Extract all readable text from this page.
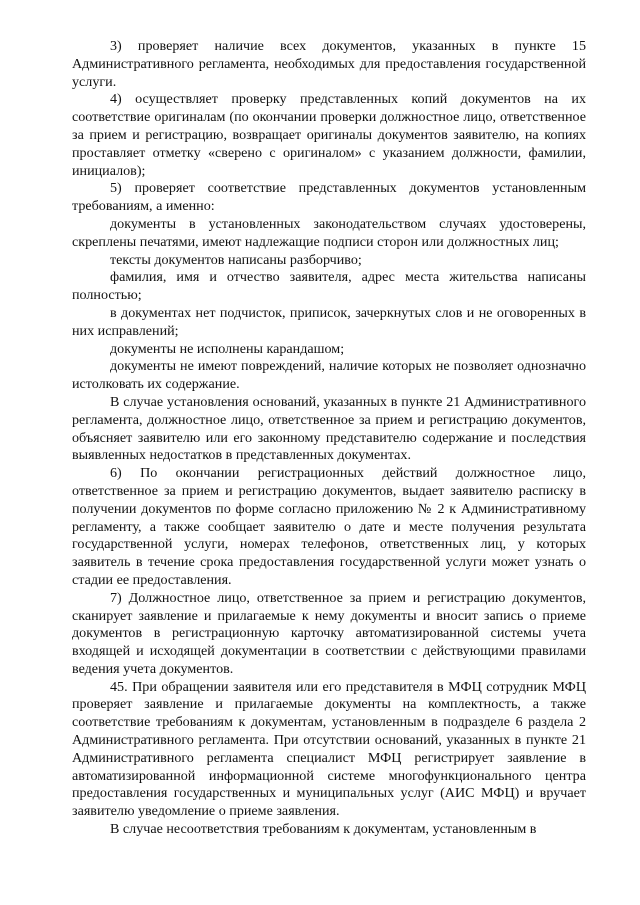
3) проверяет наличие всех документов, указанных в пункте 15 Административного регламента, необходимых для предоставления государственной услуги.

4) осуществляет проверку представленных копий документов на их соответствие оригиналам (по окончании проверки должностное лицо, ответственное за прием и регистрацию, возвращает оригиналы документов заявителю, на копиях проставляет отметку «сверено с оригиналом» с указанием должности, фамилии, инициалов);

5) проверяет соответствие представленных документов установленным требованиям, а именно:

документы в установленных законодательством случаях удостоверены, скреплены печатями, имеют надлежащие подписи сторон или должностных лиц;

тексты документов написаны разборчиво;

фамилия, имя и отчество заявителя, адрес места жительства написаны полностью;

в документах нет подчисток, приписок, зачеркнутых слов и не оговоренных в них исправлений;

документы не исполнены карандашом;

документы не имеют повреждений, наличие которых не позволяет однозначно истолковать их содержание.

В случае установления оснований, указанных в пункте 21 Административного регламента, должностное лицо, ответственное за прием и регистрацию документов, объясняет заявителю или его законному представителю содержание и последствия выявленных недостатков в представленных документах.

6) По окончании регистрационных действий должностное лицо, ответственное за прием и регистрацию документов, выдает заявителю расписку в получении документов по форме согласно приложению № 2 к Административному регламенту, а также сообщает заявителю о дате и месте получения результата государственной услуги, номерах телефонов, ответственных лиц, у которых заявитель в течение срока предоставления государственной услуги может узнать о стадии ее предоставления.

7) Должностное лицо, ответственное за прием и регистрацию документов, сканирует заявление и прилагаемые к нему документы и вносит запись о приеме документов в регистрационную карточку автоматизированной системы учета входящей и исходящей документации в соответствии с действующими правилами ведения учета документов.

45. При обращении заявителя или его представителя в МФЦ сотрудник МФЦ проверяет заявление и прилагаемые документы на комплектность, а также соответствие требованиям к документам, установленным в подразделе 6 раздела 2 Административного регламента. При отсутствии оснований, указанных в пункте 21 Административного регламента специалист МФЦ регистрирует заявление в автоматизированной информационной системе многофункционального центра предоставления государственных и муниципальных услуг (АИС МФЦ) и вручает заявителю уведомление о приеме заявления.

В случае несоответствия требованиям к документам, установленным в
